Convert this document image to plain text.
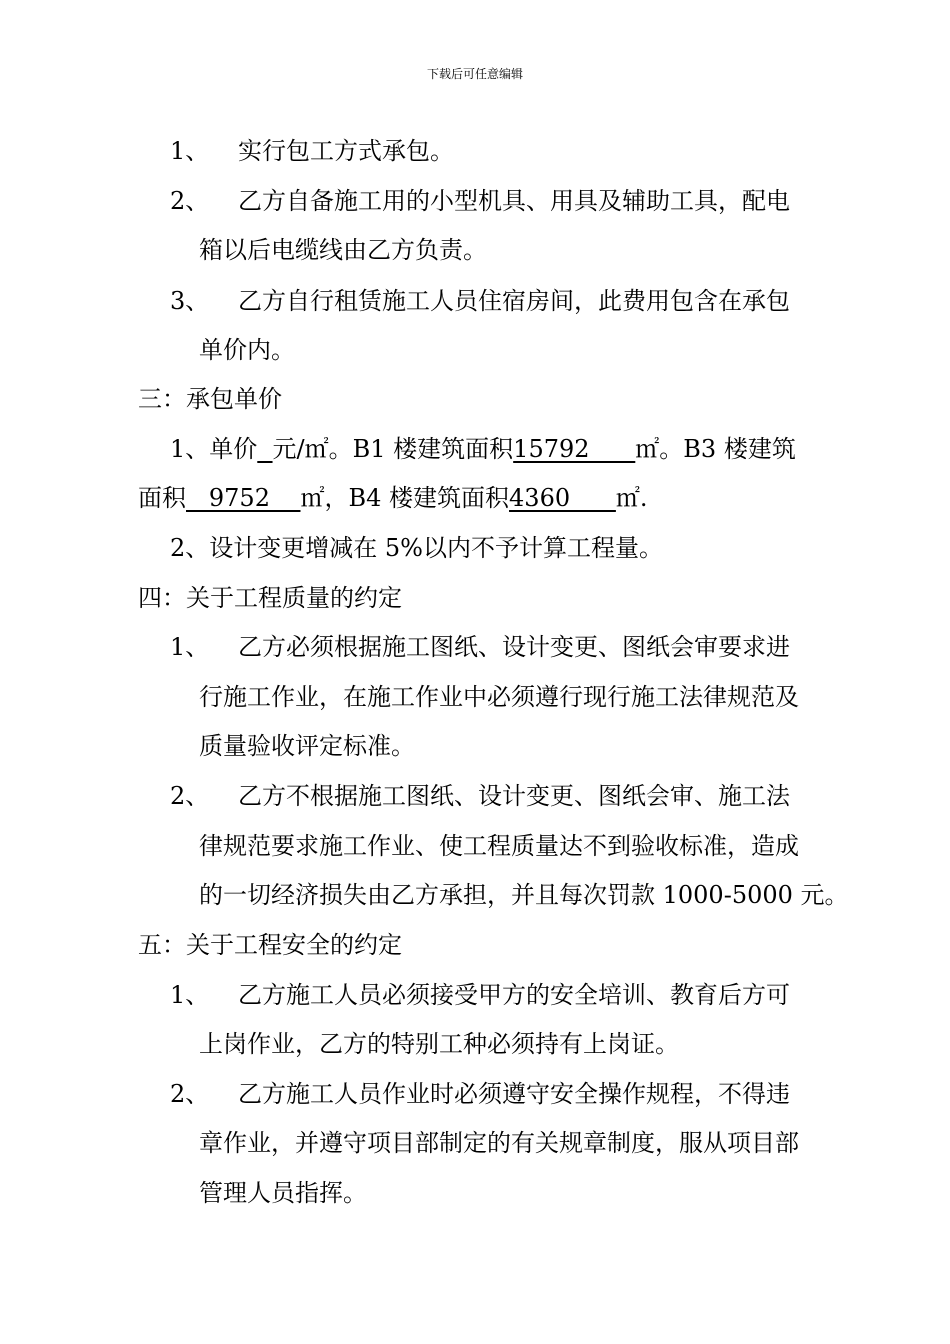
下载后可任意编辑
1、 实行包工方式承包。
2、 乙方自备施工用的小型机具、用具及辅助工具，配电
箱以后电缆线由乙方负责。
3、 乙方自行租赁施工人员住宿房间，此费用包含在承包
单价内。
三：承包单价
1、单价 元/㎡。B1 楼建筑面积15792      ㎡。B3 楼建筑
面积   9752    ㎡，B4 楼建筑面积4360      ㎡.
2、设计变更增减在 5%以内不予计算工程量。
四：关于工程质量的约定
1、 乙方必须根据施工图纸、设计变更、图纸会审要求进
行施工作业，在施工作业中必须遵行现行施工法律规范及
质量验收评定标准。
2、 乙方不根据施工图纸、设计变更、图纸会审、施工法
律规范要求施工作业、使工程质量达不到验收标准，造成
的一切经济损失由乙方承担，并且每次罚款 1000-5000 元。
五：关于工程安全的约定
1、 乙方施工人员必须接受甲方的安全培训、教育后方可
上岗作业，乙方的特别工种必须持有上岗证。
2、 乙方施工人员作业时必须遵守安全操作规程，不得违
章作业，并遵守项目部制定的有关规章制度，服从项目部
管理人员指挥。
